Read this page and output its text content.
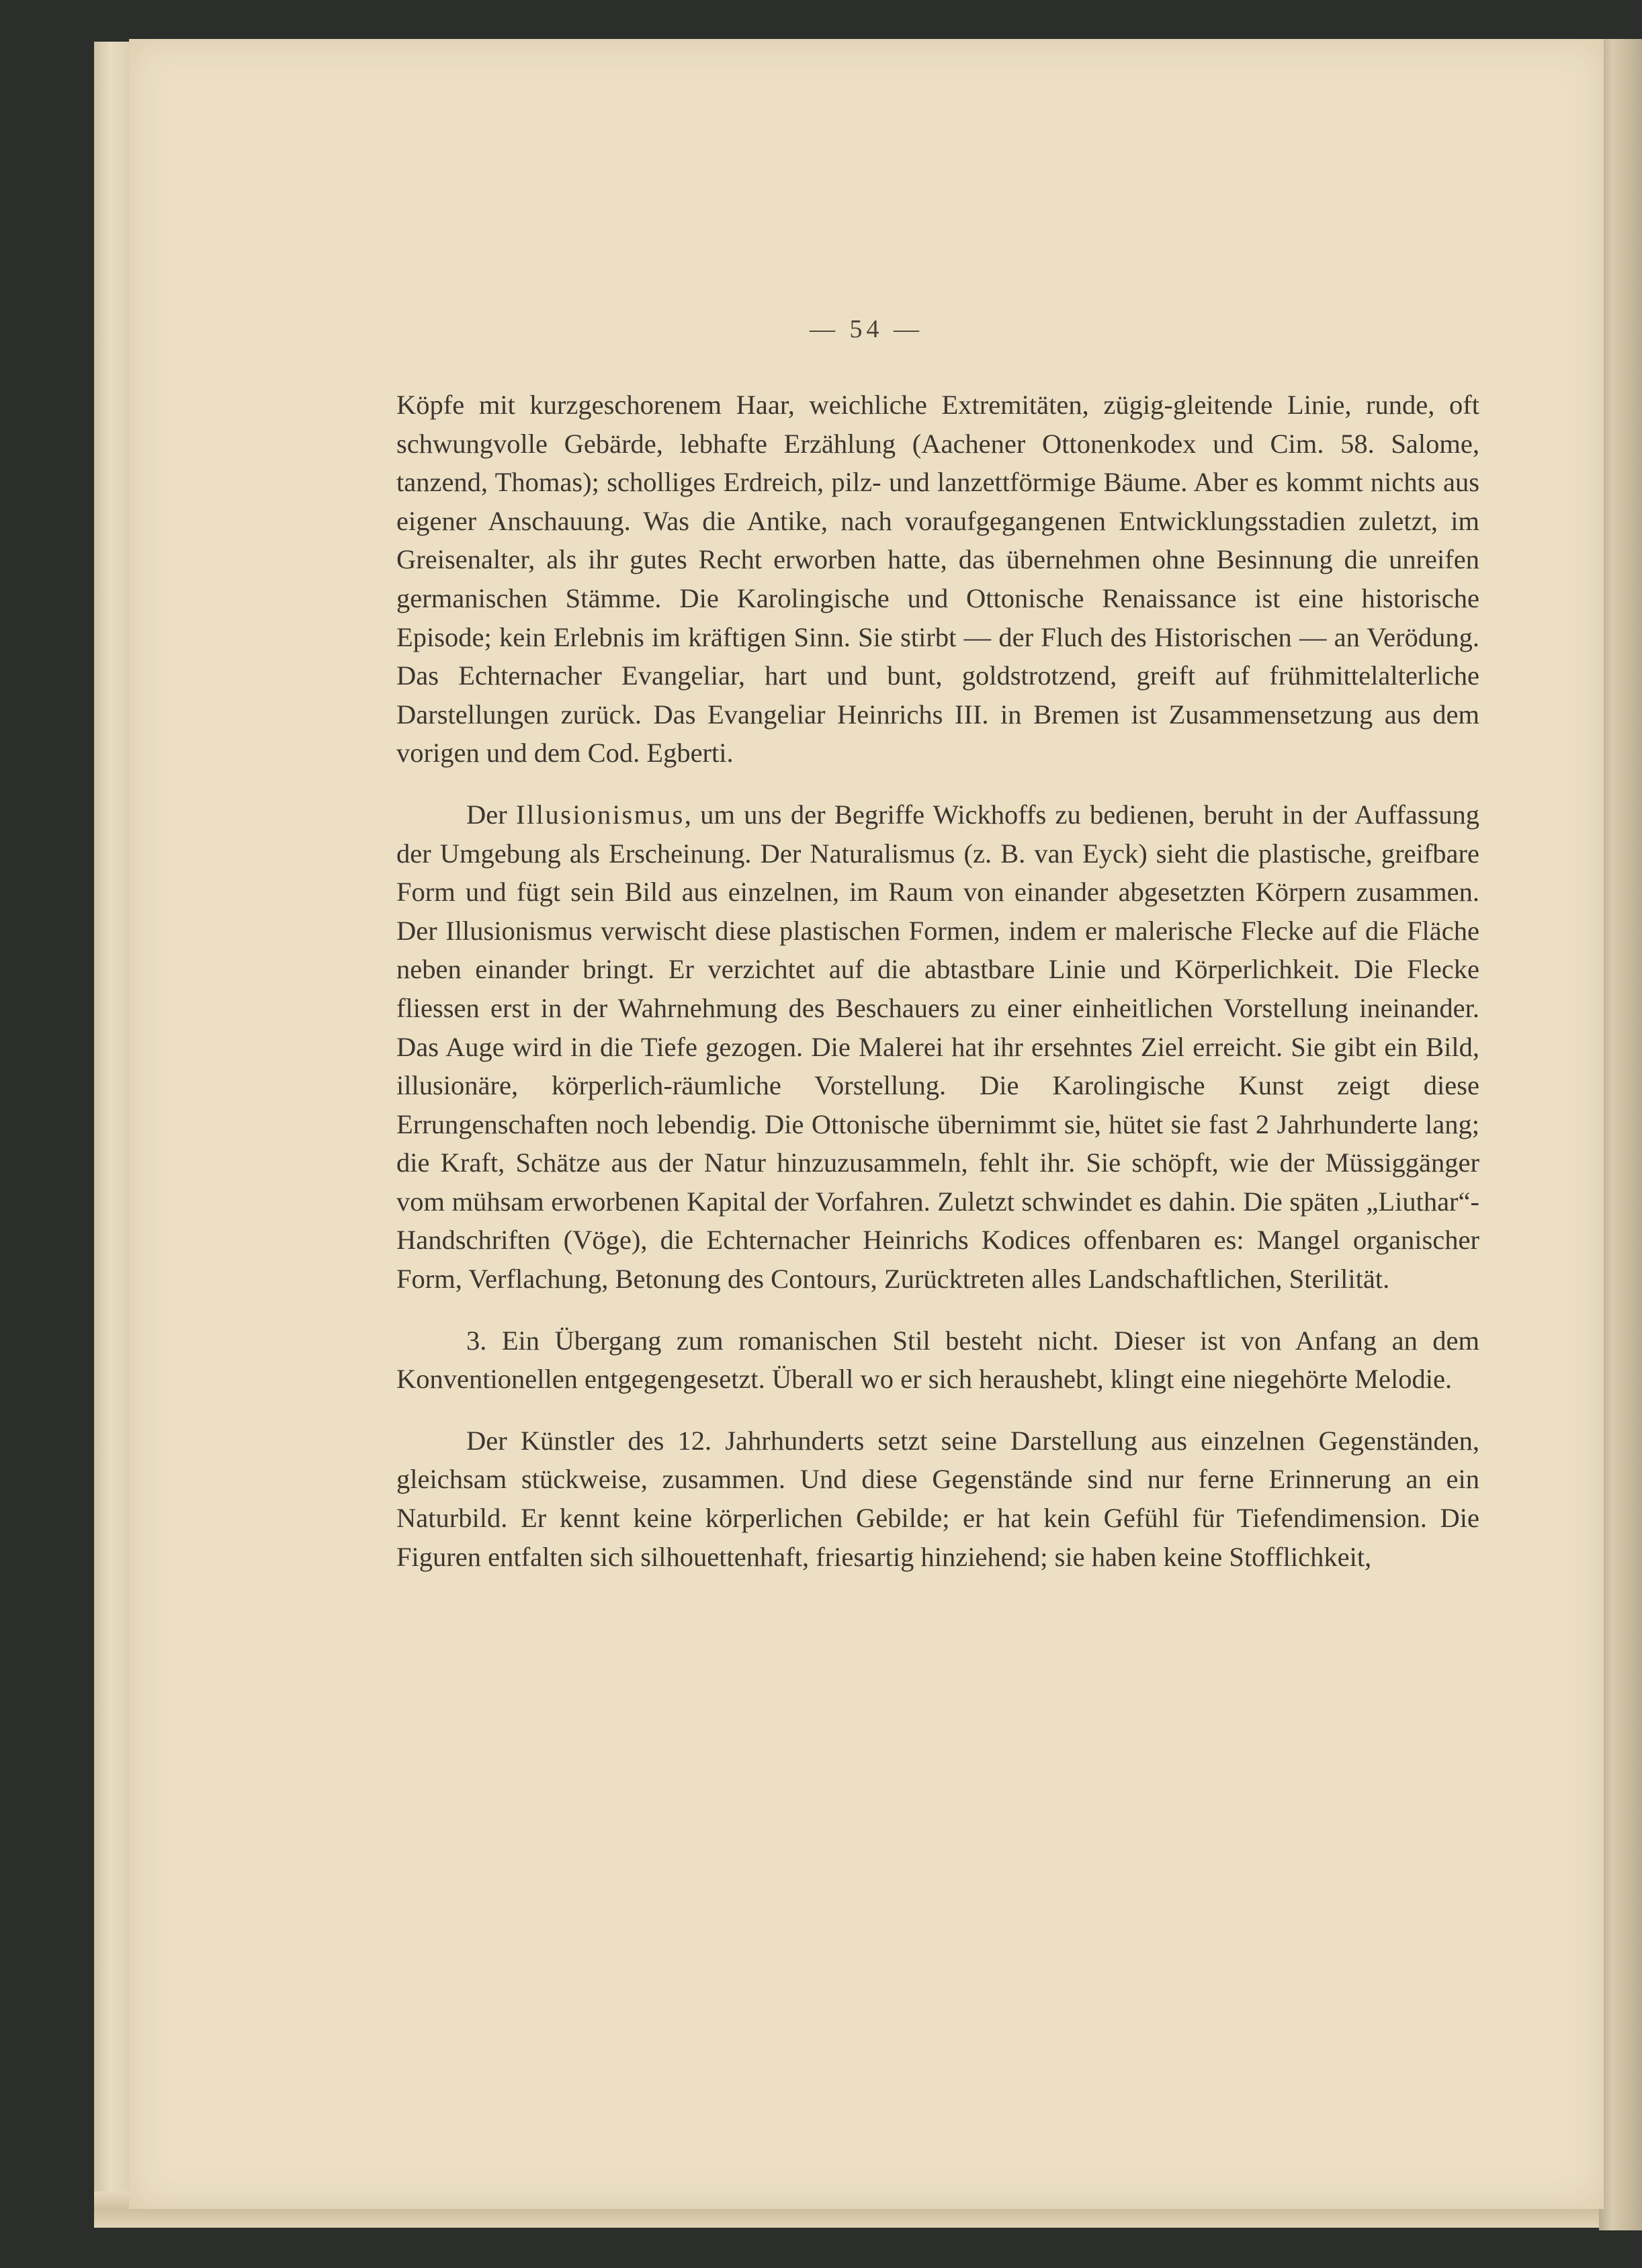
— 54 —

Köpfe mit kurzgeschorenem Haar, weichliche Extremitäten, zügig-gleitende Linie, runde, oft schwungvolle Gebärde, lebhafte Erzählung (Aachener Ottonenkodex und Cim. 58. Salome, tanzend, Thomas); scholliges Erdreich, pilz- und lanzettförmige Bäume. Aber es kommt nichts aus eigener Anschauung. Was die Antike, nach voraufgegangenen Entwicklungsstadien zuletzt, im Greisenalter, als ihr gutes Recht erworben hatte, das übernehmen ohne Besinnung die unreifen germanischen Stämme. Die Karolingische und Ottonische Renaissance ist eine historische Episode; kein Erlebnis im kräftigen Sinn. Sie stirbt — der Fluch des Historischen — an Verödung. Das Echternacher Evangeliar, hart und bunt, goldstrotzend, greift auf frühmittelalterliche Darstellungen zurück. Das Evangeliar Heinrichs III. in Bremen ist Zusammensetzung aus dem vorigen und dem Cod. Egberti.

Der Illusionismus, um uns der Begriffe Wickhoffs zu bedienen, beruht in der Auffassung der Umgebung als Erscheinung. Der Naturalismus (z. B. van Eyck) sieht die plastische, greifbare Form und fügt sein Bild aus einzelnen, im Raum von einander abgesetzten Körpern zusammen. Der Illusionismus verwischt diese plastischen Formen, indem er malerische Flecke auf die Fläche neben einander bringt. Er verzichtet auf die abtastbare Linie und Körperlichkeit. Die Flecke fliessen erst in der Wahrnehmung des Beschauers zu einer einheitlichen Vorstellung ineinander. Das Auge wird in die Tiefe gezogen. Die Malerei hat ihr ersehntes Ziel erreicht. Sie gibt ein Bild, illusionäre, körperlich-räumliche Vorstellung. Die Karolingische Kunst zeigt diese Errungenschaften noch lebendig. Die Ottonische übernimmt sie, hütet sie fast 2 Jahrhunderte lang; die Kraft, Schätze aus der Natur hinzuzusammeln, fehlt ihr. Sie schöpft, wie der Müssiggänger vom mühsam erworbenen Kapital der Vorfahren. Zuletzt schwindet es dahin. Die späten „Liuthar“-Handschriften (Vöge), die Echternacher Heinrichs Kodices offenbaren es: Mangel organischer Form, Verflachung, Betonung des Contours, Zurücktreten alles Landschaftlichen, Sterilität.

3. Ein Übergang zum romanischen Stil besteht nicht. Dieser ist von Anfang an dem Konventionellen entgegengesetzt. Überall wo er sich heraushebt, klingt eine niegehörte Melodie.

Der Künstler des 12. Jahrhunderts setzt seine Darstellung aus einzelnen Gegenständen, gleichsam stückweise, zusammen. Und diese Gegenstände sind nur ferne Erinnerung an ein Naturbild. Er kennt keine körperlichen Gebilde; er hat kein Gefühl für Tiefendimension. Die Figuren entfalten sich silhouettenhaft, friesartig hinziehend; sie haben keine Stofflichkeit,
